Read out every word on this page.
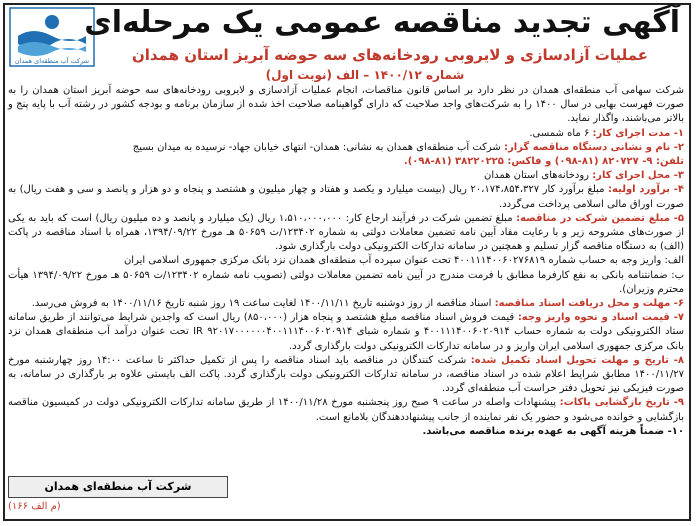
شرکت آب منطقه‌ای همدان
آگهی تجدید مناقصه عمومی یک مرحله‌ای
عملیات آزادسازی و لایروبی رودخانه‌های سه حوضه آبریز استان همدان
شماره ۱۴۰۰/۱۲ – الف (نوبت اول)

شرکت سهامی آب منطقه‌ای همدان در نظر دارد بر اساس قانون مناقصات، انجام عملیات آزادسازی و لایروبی رودخانه‌های سه حوضه آبریز استان همدان را به صورت فهرست بهایی در سال ۱۴۰۰ را به شرکت‌های واجد صلاحیت که دارای گواهینامه صلاحیت اخذ شده از سازمان برنامه و بودجه کشور در رشته آب با پایه پنج و بالاتر می‌باشند، واگذار نماید.

۱- مدت اجرای کار: ۶ ماه شمسی.

۲- نام و نشانی دستگاه مناقصه گزار: شرکت آب منطقه‌ای همدان به نشانی: همدان- انتهای خیابان جهاد- نرسیده به میدان بسیج

تلفن: ۹- ۸۲۰۷۲۷ (۸۱-۰۹۸) و فاکس: ۳۸۲۲۰۲۲۵ (۸۱-۰۹۸).

۳- محل اجرای کار: رودخانه‌های استان همدان

۴- برآورد اولیه: مبلغ برآورد کار ۲۰،۱۷۴،۸۵۴،۳۲۷ ریال (بیست میلیارد و یکصد و هفتاد و چهار میلیون و هشتصد و پنجاه و دو هزار و پانصد و سی و هفت ریال) به صورت اوراق مالی اسلامی پرداخت می‌گردد.

۵- مبلغ تضمین شرکت در مناقصه: مبلغ تضمین شرکت در فرآیند ارجاع کار: ۱،۵۱۰،۰۰۰،۰۰۰ ریال (یک میلیارد و پانصد و ده میلیون ریال) است که باید به یکی از صورت‌های مشروحه زیر و با رعایت مفاد آیین نامه تضمین معاملات دولتی به شماره ۱۲۳۴۰۲/ت ۵۰۶۵۹ هـ مورخ ۱۳۹۴/۰۹/۲۲، همراه با اسناد مناقصه در پاکت (الف) به دستگاه مناقصه گزار تسلیم و همچنین در سامانه تدارکات الکترونیکی دولت بارگذاری شود.

الف: واریز وجه به حساب شماره ۴۰۰۱۱۱۴۰۰۶۰۲۷۶۸۱۹ تحت عنوان سپرده آب منطقه‌ای همدان نزد بانک مرکزی جمهوری اسلامی ایران

ب: ضمانتنامه بانکی به نفع کارفرما مطابق با فرمت مندرج در آیین نامه تضمین معاملات دولتی (تصویب نامه شماره ۱۲۳۴۰۲/ت ۵۰۶۵۹ هـ مورخ ۱۳۹۴/۰۹/۲۲ هیأت محترم وزیران).

۶- مهلت و محل دریافت اسناد مناقصه: اسناد مناقصه از روز دوشنبه تاریخ ۱۴۰۰/۱۱/۱۱ لغایت ساعت ۱۹ روز شنبه تاریخ ۱۴۰۰/۱۱/۱۶ به فروش می‌رسد.

۷- قیمت اسناد و نحوه واریز وجه: قیمت فروش اسناد مناقصه مبلغ هشتصد و پنجاه هزار (۸۵۰،۰۰۰) ریال است که واجدین شرایط می‌توانند از طریق سامانه ستاد الکترونیکی دولت به شماره حساب ۴۰۰۱۱۱۴۰۰۶۰۲۰۹۱۴ و شماره شبای IR ۹۲۰۱۷۰۰۰۰۰۰۴۰۰۱۱۱۴۰۰۶۰۲۰۹۱۴ تحت عنوان درآمد آب منطقه‌ای همدان نزد بانک مرکزی جمهوری اسلامی ایران واریز و در سامانه تدارکات الکترونیکی دولت بارگذاری گردد.

۸- تاریخ و مهلت تحویل اسناد تکمیل شده: شرکت کنندگان در مناقصه باید اسناد مناقصه را پس از تکمیل حداکثر تا ساعت ۱۴:۰۰ روز چهارشنبه مورخ ۱۴۰۰/۱۱/۲۷ مطابق شرایط اعلام شده در اسناد مناقصه، در سامانه تدارکات الکترونیکی دولت بارگذاری گردد. پاکت الف بایستی علاوه بر بارگذاری در سامانه، به صورت فیزیکی نیز تحویل دفتر حراست آب منطقه‌ای گردد.

۹- تاریخ بازگشایی پاکات: پیشنهادات واصله در ساعت ۹ صبح روز پنجشنبه مورخ ۱۴۰۰/۱۱/۲۸ از طریق سامانه تدارکات الکترونیکی دولت در کمیسیون مناقصه بازگشایی و خوانده می‌شود و حضور یک نفر نماینده از جانب پیشنهاددهندگان بلامانع است.

۱۰- ضمناً هزینه آگهی به عهده برنده مناقصه می‌باشد.

شرکت آب منطقه‌ای همدان
(م الف ۱۶۶)
